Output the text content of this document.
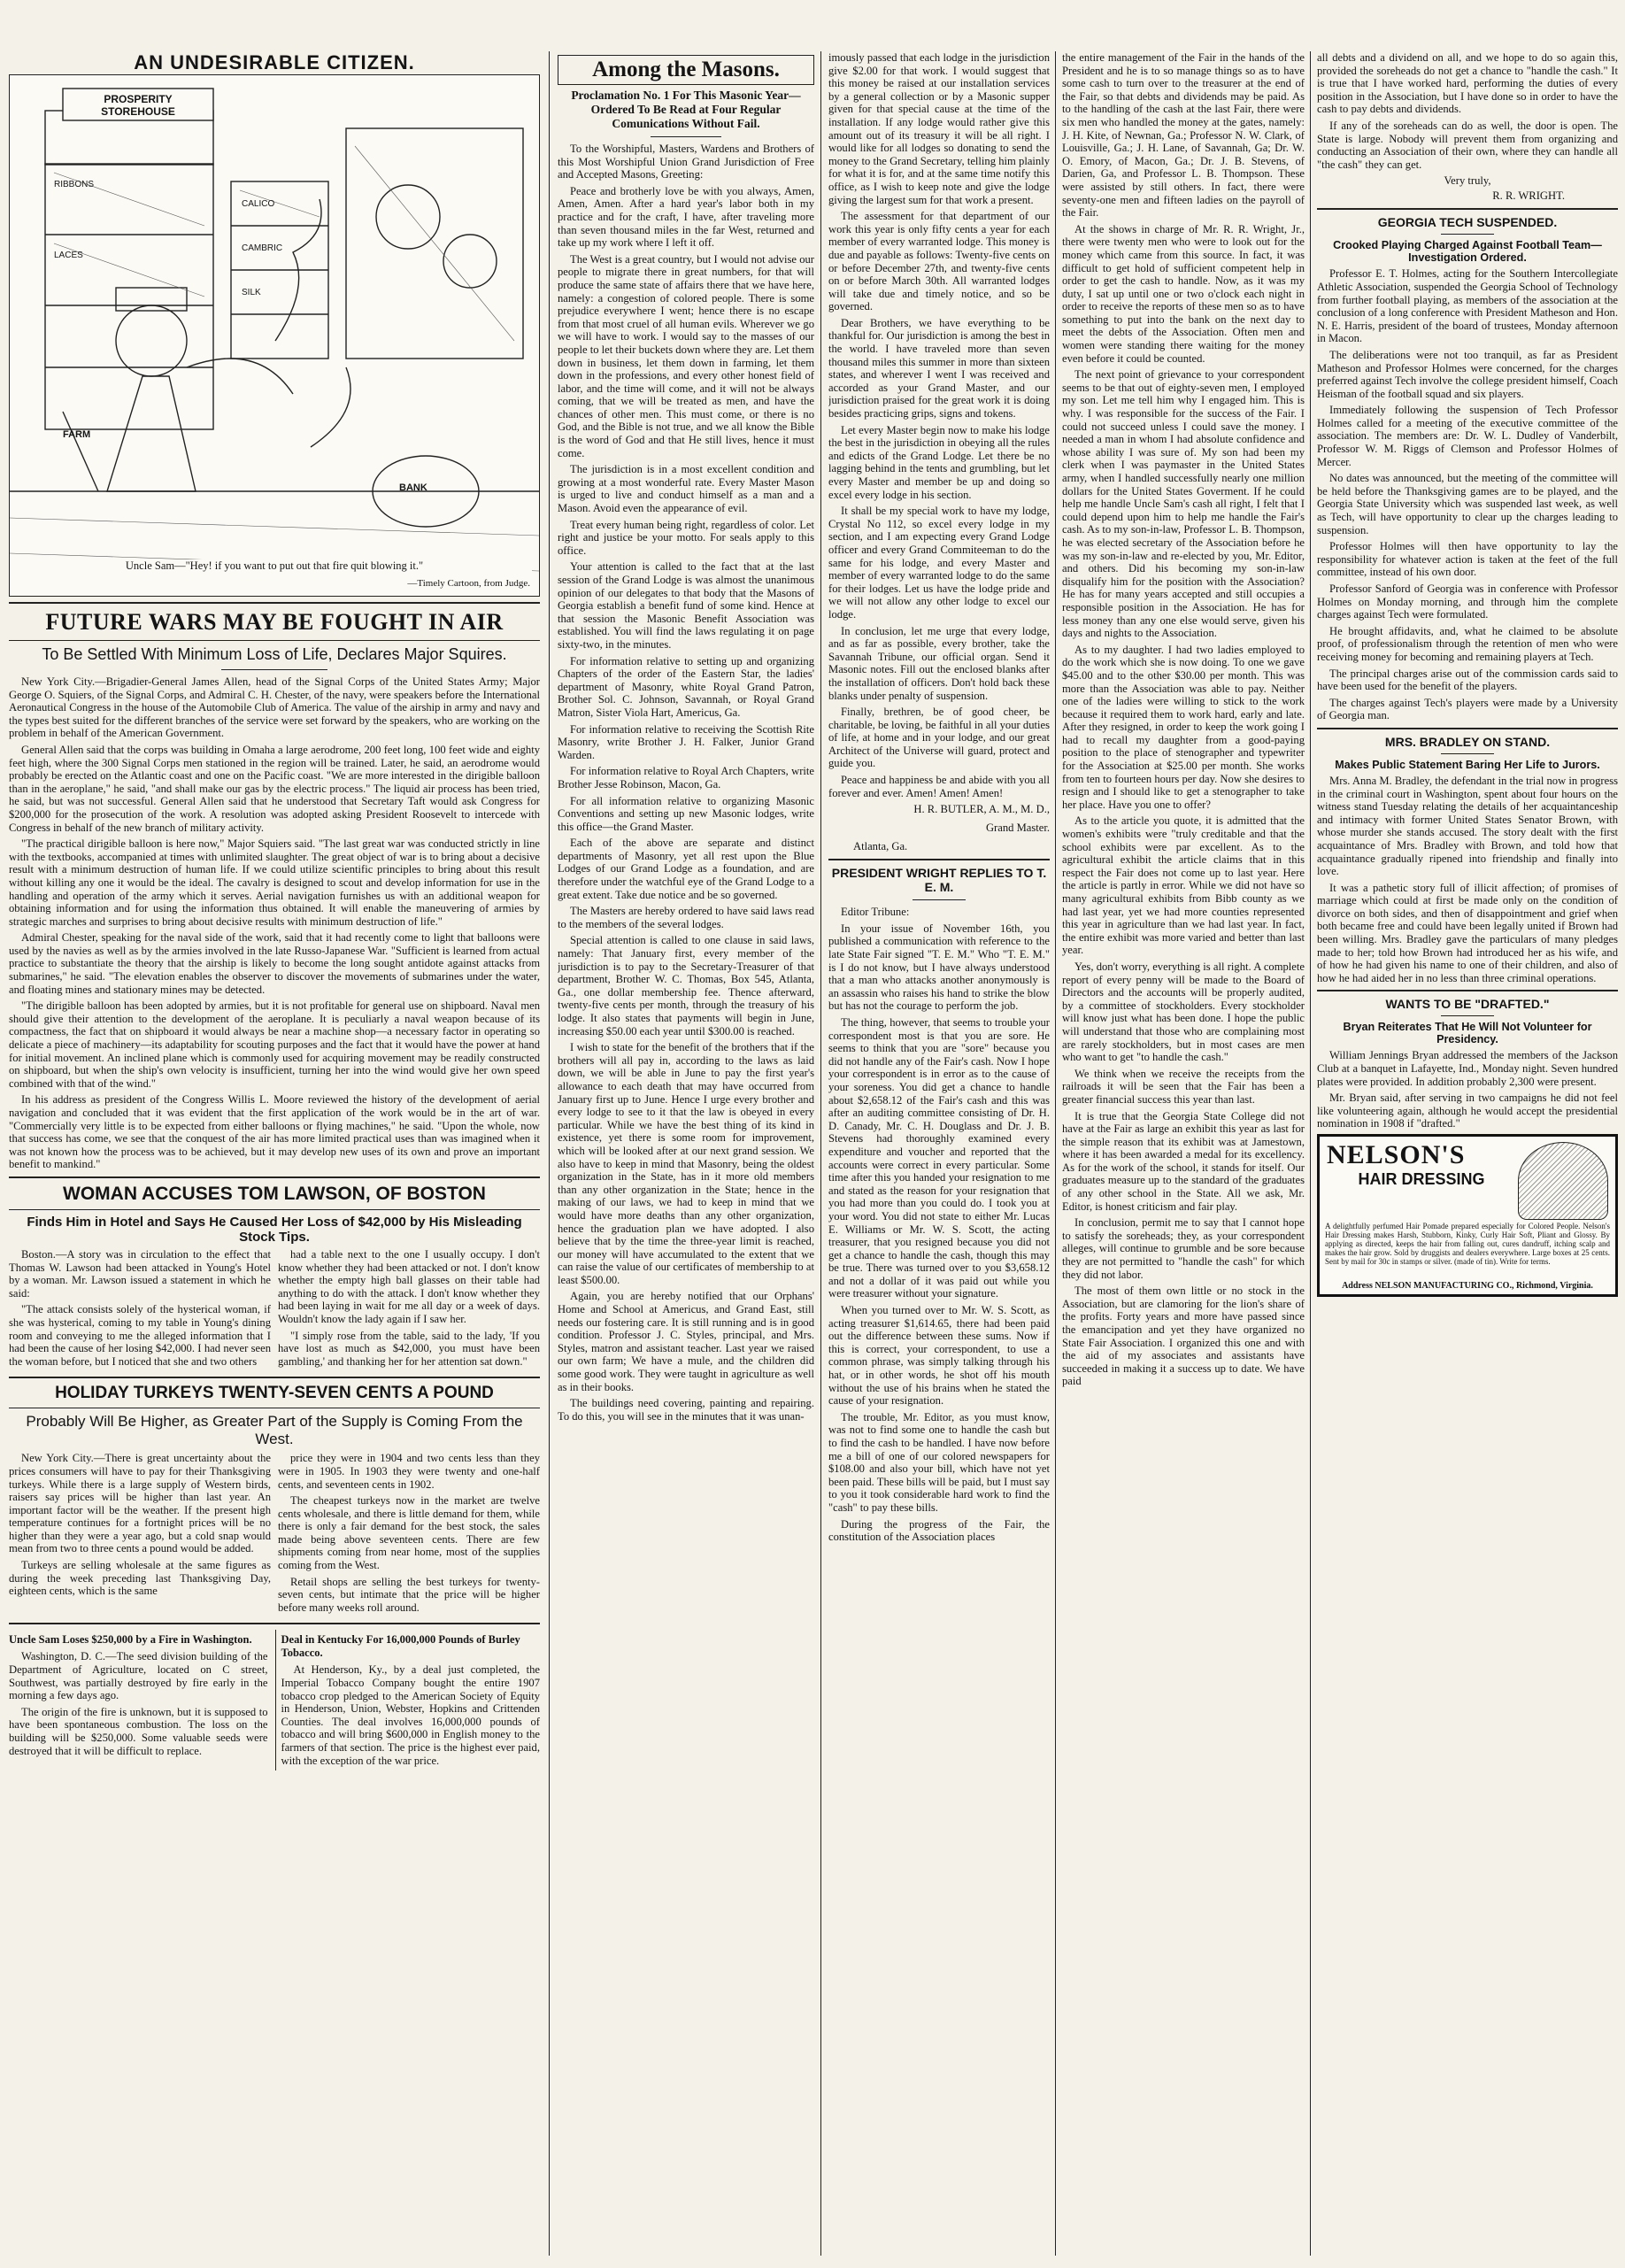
AN UNDESIRABLE CITIZEN.
PROSPERITY STOREHOUSE
RIBBONS
LACES
CALICO
CAMBRIC
SILK
FARM
BANK
Uncle Sam—"Hey! if you want to put out that fire quit blowing it."
—Timely Cartoon, from Judge.
FUTURE WARS MAY BE FOUGHT IN AIR
To Be Settled With Minimum Loss of Life, Declares Major Squires.

New York City.—Brigadier-General James Allen, head of the Signal Corps of the United States Army; Major George O. Squiers, of the Signal Corps, and Admiral C. H. Chester, of the navy, were speakers before the International Aeronautical Congress in the house of the Automobile Club of America. The value of the airship in army and navy and the types best suited for the different branches of the service were set forward by the speakers, who are working on the problem in behalf of the American Government.

General Allen said that the corps was building in Omaha a large aerodrome, 200 feet long, 100 feet wide and eighty feet high, where the 300 Signal Corps men stationed in the region will be trained. Later, he said, an aerodrome would probably be erected on the Atlantic coast and one on the Pacific coast. "We are more interested in the dirigible balloon than in the aeroplane," he said, "and shall make our gas by the electric process." The liquid air process has been tried, he said, but was not successful. General Allen said that he understood that Secretary Taft would ask Congress for $200,000 for the prosecution of the work. A resolution was adopted asking President Roosevelt to intercede with Congress in behalf of the new branch of military activity.

"The practical dirigible balloon is here now," Major Squiers said. "The last great war was conducted strictly in line with the textbooks, accompanied at times with unlimited slaughter. The great object of war is to bring about a decisive result with a minimum destruction of human life. If we could utilize scientific principles to bring about this result without killing any one it would be the ideal. The cavalry is designed to scout and develop information for use in the handling and operation of the army which it serves. Aerial navigation furnishes us with an additional weapon for obtaining information and for using the information thus obtained. It will enable the maneuvering of armies by strategic marches and surprises to bring about decisive results with minimum destruction of life."

Admiral Chester, speaking for the naval side of the work, said that it had recently come to light that balloons were used by the navies as well as by the armies involved in the late Russo-Japanese War. "Sufficient is learned from actual practice to substantiate the theory that the airship is likely to become the long sought antidote against attacks from submarines," he said. "The elevation enables the observer to discover the movements of submarines under the water, and floating mines and stationary mines may be detected.

"The dirigible balloon has been adopted by armies, but it is not profitable for general use on shipboard. Naval men should give their attention to the development of the aeroplane. It is peculiarly a naval weapon because of its compactness, the fact that on shipboard it would always be near a machine shop—a necessary factor in operating so delicate a piece of machinery—its adaptability for scouting purposes and the fact that it would have the power at hand for initial movement. An inclined plane which is commonly used for acquiring movement may be readily constructed on shipboard, but when the ship's own velocity is insufficient, turning her into the wind would give her own speed combined with that of the wind."

In his address as president of the Congress Willis L. Moore reviewed the history of the development of aerial navigation and concluded that it was evident that the first application of the work would be in the art of war. "Commercially very little is to be expected from either balloons or flying machines," he said. "Upon the whole, now that success has come, we see that the conquest of the air has more limited practical uses than was imagined when it was not known how the process was to be achieved, but it may develop new uses of its own and prove an important benefit to mankind."

WOMAN ACCUSES TOM LAWSON, OF BOSTON
Finds Him in Hotel and Says He Caused Her Loss of $42,000 by His Misleading Stock Tips.

Boston.—A story was in circulation to the effect that Thomas W. Lawson had been attacked in Young's Hotel by a woman. Mr. Lawson issued a statement in which he said:

"The attack consists solely of the hysterical woman, if she was hysterical, coming to my table in Young's dining room and conveying to me the alleged information that I had been the cause of her losing $42,000. I had never seen the woman before, but I noticed that she and two others

had a table next to the one I usually occupy. I don't know whether they had been attacked or not. I don't know whether the empty high ball glasses on their table had anything to do with the attack. I don't know whether they had been laying in wait for me all day or a week of days. Wouldn't know the lady again if I saw her.

"I simply rose from the table, said to the lady, 'If you have lost as much as $42,000, you must have been gambling,' and thanking her for her attention sat down."

HOLIDAY TURKEYS TWENTY-SEVEN CENTS A POUND
Probably Will Be Higher, as Greater Part of the Supply is Coming From the West.

New York City.—There is great uncertainty about the prices consumers will have to pay for their Thanksgiving turkeys. While there is a large supply of Western birds, raisers say prices will be higher than last year. An important factor will be the weather. If the present high temperature continues for a fortnight prices will be no higher than they were a year ago, but a cold snap would mean from two to three cents a pound would be added.

Turkeys are selling wholesale at the same figures as during the week preceding last Thanksgiving Day, eighteen cents, which is the same

price they were in 1904 and two cents less than they were in 1905. In 1903 they were twenty and one-half cents, and seventeen cents in 1902.

The cheapest turkeys now in the market are twelve cents wholesale, and there is little demand for them, while there is only a fair demand for the best stock, the sales made being above seventeen cents. There are few shipments coming from near home, most of the supplies coming from the West.

Retail shops are selling the best turkeys for twenty-seven cents, but intimate that the price will be higher before many weeks roll around.

Uncle Sam Loses $250,000 by a Fire in Washington.

Washington, D. C.—The seed division building of the Department of Agriculture, located on C street, Southwest, was partially destroyed by fire early in the morning a few days ago.

The origin of the fire is unknown, but it is supposed to have been spontaneous combustion. The loss on the building will be $250,000. Some valuable seeds were destroyed that it will be difficult to replace.

Deal in Kentucky For 16,000,000 Pounds of Burley Tobacco.

At Henderson, Ky., by a deal just completed, the Imperial Tobacco Company bought the entire 1907 tobacco crop pledged to the American Society of Equity in Henderson, Union, Webster, Hopkins and Crittenden Counties. The deal involves 16,000,000 pounds of tobacco and will bring $600,000 in English money to the farmers of that section. The price is the highest ever paid, with the exception of the war price.

Among the Masons.
Proclamation No. 1 For This Masonic Year—Ordered To Be Read at Four Regular Comunications Without Fail.

To the Worshipful, Masters, Wardens and Brothers of this Most Worshipful Union Grand Jurisdiction of Free and Accepted Masons, Greeting:

Peace and brotherly love be with you always, Amen, Amen, Amen. After a hard year's labor both in my practice and for the craft, I have, after traveling more than seven thousand miles in the far West, returned and take up my work where I left it off.

The West is a great country, but I would not advise our people to migrate there in great numbers, for that will produce the same state of affairs there that we have here, namely: a congestion of colored people. There is some prejudice everywhere I went; hence there is no escape from that most cruel of all human evils. Wherever we go we will have to work. I would say to the masses of our people to let their buckets down where they are. Let them down in business, let them down in farming, let them down in the professions, and every other honest field of labor, and the time will come, and it will not be always coming, that we will be treated as men, and have the chances of other men. This must come, or there is no God, and the Bible is not true, and we all know the Bible is the word of God and that He still lives, hence it must come.

The jurisdiction is in a most excellent condition and growing at a most wonderful rate. Every Master Mason is urged to live and conduct himself as a man and a Mason. Avoid even the appearance of evil.

Treat every human being right, regardless of color. Let right and justice be your motto. For seals apply to this office.

Your attention is called to the fact that at the last session of the Grand Lodge is was almost the unanimous opinion of our delegates to that body that the Masons of Georgia establish a benefit fund of some kind. Hence at that session the Masonic Benefit Association was established. You will find the laws regulating it on page sixty-two, in the minutes.

For information relative to setting up and organizing Chapters of the order of the Eastern Star, the ladies' department of Masonry, white Royal Grand Patron, Brother Sol. C. Johnson, Savannah, or Royal Grand Matron, Sister Viola Hart, Americus, Ga.

For information relative to receiving the Scottish Rite Masonry, write Brother J. H. Falker, Junior Grand Warden.

For information relative to Royal Arch Chapters, write Brother Jesse Robinson, Macon, Ga.

For all information relative to organizing Masonic Conventions and setting up new Masonic lodges, write this office—the Grand Master.

Each of the above are separate and distinct departments of Masonry, yet all rest upon the Blue Lodges of our Grand Lodge as a foundation, and are therefore under the watchful eye of the Grand Lodge to a great extent. Take due notice and be so governed.

The Masters are hereby ordered to have said laws read to the members of the several lodges.

Special attention is called to one clause in said laws, namely: That January first, every member of the jurisdiction is to pay to the Secretary-Treasurer of that department, Brother W. C. Thomas, Box 545, Atlanta, Ga., one dollar membership fee. Thence afterward, twenty-five cents per month, through the treasury of his lodge. It also states that payments will begin in June, increasing $50.00 each year until $300.00 is reached.

I wish to state for the benefit of the brothers that if the brothers will all pay in, according to the laws as laid down, we will be able in June to pay the first year's allowance to each death that may have occurred from January first up to June. Hence I urge every brother and every lodge to see to it that the law is obeyed in every particular. While we have the best thing of its kind in existence, yet there is some room for improvement, which will be looked after at our next grand session. We also have to keep in mind that Masonry, being the oldest organization in the State, has in it more old members than any other organization in the State; hence in the making of our laws, we had to keep in mind that we would have more deaths than any other organization, hence the graduation plan we have adopted. I also believe that by the time the three-year limit is reached, our money will have accumulated to the extent that we can raise the value of our certificates of membership to at least $500.00.

Again, you are hereby notified that our Orphans' Home and School at Americus, and Grand East, still needs our fostering care. It is still running and is in good condition. Professor J. C. Styles, principal, and Mrs. Styles, matron and assistant teacher. Last year we raised our own farm; We have a mule, and the children did some good work. They were taught in agriculture as well as in their books.

The buildings need covering, painting and repairing. To do this, you will see in the minutes that it was unan-

imously passed that each lodge in the jurisdiction give $2.00 for that work. I would suggest that this money be raised at our installation services by a general collection or by a Masonic supper given for that special cause at the time of the installation. If any lodge would rather give this amount out of its treasury it will be all right. I would like for all lodges so donating to send the money to the Grand Secretary, telling him plainly for what it is for, and at the same time notify this office, as I wish to keep note and give the lodge giving the largest sum for that work a present.

The assessment for that department of our work this year is only fifty cents a year for each member of every warranted lodge. This money is due and payable as follows: Twenty-five cents on or before December 27th, and twenty-five cents on or before March 30th. All warranted lodges will take due and timely notice, and so be governed.

Dear Brothers, we have everything to be thankful for. Our jurisdiction is among the best in the world. I have traveled more than seven thousand miles this summer in more than sixteen states, and wherever I went I was received and accorded as your Grand Master, and our jurisdiction praised for the great work it is doing besides practicing grips, signs and tokens.

Let every Master begin now to make his lodge the best in the jurisdiction in obeying all the rules and edicts of the Grand Lodge. Let there be no lagging behind in the tents and grumbling, but let every Master and member be up and doing so excel every lodge in his section.

It shall be my special work to have my lodge, Crystal No 112, so excel every lodge in my section, and I am expecting every Grand Lodge officer and every Grand Commiteeman to do the same for his lodge, and every Master and member of every warranted lodge to do the same for their lodges. Let us have the lodge pride and we will not allow any other lodge to excel our lodge.

In conclusion, let me urge that every lodge, and as far as possible, every brother, take the Savannah Tribune, our official organ. Send it Masonic notes. Fill out the enclosed blanks after the installation of officers. Don't hold back these blanks under penalty of suspension.

Finally, brethren, be of good cheer, be charitable, be loving, be faithful in all your duties of life, at home and in your lodge, and our great Architect of the Universe will guard, protect and guide you.

Peace and happiness be and abide with you all forever and ever. Amen! Amen! Amen!

H. R. BUTLER, A. M., M. D.,
Grand Master.
Atlanta, Ga.
PRESIDENT WRIGHT REPLIES TO T. E. M.

Editor Tribune:

In your issue of November 16th, you published a communication with reference to the late State Fair signed "T. E. M." Who "T. E. M." is I do not know, but I have always understood that a man who attacks another anonymously is an assassin who raises his hand to strike the blow but has not the courage to perform the job.

The thing, however, that seems to trouble your correspondent most is that you are sore. He seems to think that you are "sore" because you did not handle any of the Fair's cash. Now I hope your correspondent is in error as to the cause of your soreness. You did get a chance to handle about $2,658.12 of the Fair's cash and this was after an auditing committee consisting of Dr. H. D. Canady, Mr. C. H. Douglass and Dr. J. B. Stevens had thoroughly examined every expenditure and voucher and reported that the accounts were correct in every particular. Some time after this you handed your resignation to me and stated as the reason for your resignation that you had more than you could do. I took you at your word. You did not state to either Mr. Lucas E. Williams or Mr. W. S. Scott, the acting treasurer, that you resigned because you did not get a chance to handle the cash, though this may be true. There was turned over to you $3,658.12 and not a dollar of it was paid out while you were treasurer without your signature.

When you turned over to Mr. W. S. Scott, as acting treasurer $1,614.65, there had been paid out the difference between these sums. Now if this is correct, your correspondent, to use a common phrase, was simply talking through his hat, or in other words, he shot off his mouth without the use of his brains when he stated the cause of your resignation.

The trouble, Mr. Editor, as you must know, was not to find some one to handle the cash but to find the cash to be handled. I have now before me a bill of one of our colored newspapers for $108.00 and also your bill, which have not yet been paid. These bills will be paid, but I must say to you it took considerable hard work to find the "cash" to pay these bills.

During the progress of the Fair, the constitution of the Association places

the entire management of the Fair in the hands of the President and he is to so manage things so as to have some cash to turn over to the treasurer at the end of the Fair, so that debts and dividends may be paid. As to the handling of the cash at the last Fair, there were six men who handled the money at the gates, namely: J. H. Kite, of Newnan, Ga.; Professor N. W. Clark, of Louisville, Ga.; J. H. Lane, of Savannah, Ga; Dr. W. O. Emory, of Macon, Ga.; Dr. J. B. Stevens, of Darien, Ga, and Professor L. B. Thompson. These were assisted by still others. In fact, there were seventy-one men and fifteen ladies on the payroll of the Fair.

At the shows in charge of Mr. R. R. Wright, Jr., there were twenty men who were to look out for the money which came from this source. In fact, it was difficult to get hold of sufficient competent help in order to get the cash to handle. Now, as it was my duty, I sat up until one or two o'clock each night in order to receive the reports of these men so as to have something to put into the bank on the next day to meet the debts of the Association. Often men and women were standing there waiting for the money even before it could be counted.

The next point of grievance to your correspondent seems to be that out of eighty-seven men, I employed my son. Let me tell him why I engaged him. This is why. I was responsible for the success of the Fair. I could not succeed unless I could save the money. I needed a man in whom I had absolute confidence and whose ability I was sure of. My son had been my clerk when I was paymaster in the United States army, when I handled successfully nearly one million dollars for the United States Goverment. If he could help me handle Uncle Sam's cash all right, I felt that I could depend upon him to help me handle the Fair's cash. As to my son-in-law, Professor L. B. Thompson, he was elected secretary of the Association before he was my son-in-law and re-elected by you, Mr. Editor, and others. Did his becoming my son-in-law disqualify him for the position with the Association? He has for many years accepted and still occupies a responsible position in the Association. He has for less money than any one else would serve, given his days and nights to the Association.

As to my daughter. I had two ladies employed to do the work which she is now doing. To one we gave $45.00 and to the other $30.00 per month. This was more than the Association was able to pay. Neither one of the ladies were willing to stick to the work because it required them to work hard, early and late. After they resigned, in order to keep the work going I had to recall my daughter from a good-paying position to the place of stenographer and typewriter for the Association at $25.00 per month. She works from ten to fourteen hours per day. Now she desires to resign and I should like to get a stenographer to take her place. Have you one to offer?

As to the article you quote, it is admitted that the women's exhibits were "truly creditable and that the school exhibits were par excellent. As to the agricultural exhibit the article claims that in this respect the Fair does not come up to last year. Here the article is partly in error. While we did not have so many agricultural exhibits from Bibb county as we had last year, yet we had more counties represented this year in agriculture than we had last year. In fact, the entire exhibit was more varied and better than last year.

Yes, don't worry, everything is all right. A complete report of every penny will be made to the Board of Directors and the accounts will be properly audited, by a committee of stockholders. Every stockholder will know just what has been done. I hope the public will understand that those who are complaining most are rarely stockholders, but in most cases are men who want to get "to handle the cash."

We think when we receive the receipts from the railroads it will be seen that the Fair has been a greater financial success this year than last.

It is true that the Georgia State College did not have at the Fair as large an exhibit this year as last for the simple reason that its exhibit was at Jamestown, where it has been awarded a medal for its excellency. As for the work of the school, it stands for itself. Our graduates measure up to the standard of the graduates of any other school in the State. All we ask, Mr. Editor, is honest criticism and fair play.

In conclusion, permit me to say that I cannot hope to satisfy the soreheads; they, as your correspondent alleges, will continue to grumble and be sore because they are not permitted to "handle the cash" for which they did not labor.

The most of them own little or no stock in the Association, but are clamoring for the lion's share of the profits. Forty years and more have passed since the emancipation and yet they have organized no State Fair Association. I organized this one and with the aid of my associates and assistants have succeeded in making it a success up to date. We have paid

all debts and a dividend on all, and we hope to do so again this, provided the soreheads do not get a chance to "handle the cash." It is true that I have worked hard, performing the duties of every position in the Association, but I have done so in order to have the cash to pay debts and dividends.

If any of the soreheads can do as well, the door is open. The State is large. Nobody will prevent them from organizing and conducting an Association of their own, where they can handle all "the cash" they can get.

Very truly,
R. R. WRIGHT.
GEORGIA TECH SUSPENDED.
Crooked Playing Charged Against Football Team—Investigation Ordered.

Professor E. T. Holmes, acting for the Southern Intercollegiate Athletic Association, suspended the Georgia School of Technology from further football playing, as members of the association at the conclusion of a long conference with President Matheson and Hon. N. E. Harris, president of the board of trustees, Monday afternoon in Macon.

The deliberations were not too tranquil, as far as President Matheson and Professor Holmes were concerned, for the charges preferred against Tech involve the college president himself, Coach Heisman of the football squad and six players.

Immediately following the suspension of Tech Professor Holmes called for a meeting of the executive committee of the association. The members are: Dr. W. L. Dudley of Vanderbilt, Professor W. M. Riggs of Clemson and Professor Holmes of Mercer.

No dates was announced, but the meeting of the committee will be held before the Thanksgiving games are to be played, and the Georgia State University which was suspended last week, as well as Tech, will have opportunity to clear up the charges leading to suspension.

Professor Holmes will then have opportunity to lay the responsibility for whatever action is taken at the feet of the full committee, instead of his own door.

Professor Sanford of Georgia was in conference with Professor Holmes on Monday morning, and through him the complete charges against Tech were formulated.

He brought affidavits, and, what he claimed to be absolute proof, of professionalism through the retention of men who were receiving money for becoming and remaining players at Tech.

The principal charges arise out of the commission cards said to have been used for the benefit of the players.

The charges against Tech's players were made by a University of Georgia man.

MRS. BRADLEY ON STAND.
Makes Public Statement Baring Her Life to Jurors.

Mrs. Anna M. Bradley, the defendant in the trial now in progress in the criminal court in Washington, spent about four hours on the witness stand Tuesday relating the details of her acquaintanceship and intimacy with former United States Senator Brown, with whose murder she stands accused. The story dealt with the first acquaintance of Mrs. Bradley with Brown, and told how that acquaintance gradually ripened into friendship and finally into love.

It was a pathetic story full of illicit affection; of promises of marriage which could at first be made only on the condition of divorce on both sides, and then of disappointment and grief when both became free and could have been legally united if Brown had been willing. Mrs. Bradley gave the particulars of many pledges made to her; told how Brown had introduced her as his wife, and of how he had given his name to one of their children, and also of how he had aided her in no less than three criminal operations.

WANTS TO BE "DRAFTED."
Bryan Reiterates That He Will Not Volunteer for Presidency.

William Jennings Bryan addressed the members of the Jackson Club at a banquet in Lafayette, Ind., Monday night. Seven hundred plates were provided. In addition probably 2,300 were present.

Mr. Bryan said, after serving in two campaigns he did not feel like volunteering again, although he would accept the presidential nomination in 1908 if "drafted."

NELSON'S
HAIR DRESSING
A delightfully perfumed Hair Pomade prepared especially for Colored People. Nelson's Hair Dressing makes Harsh, Stubborn, Kinky, Curly Hair Soft, Pliant and Glossy. By applying as directed, keeps the hair from falling out, cures dandruff, itching scalp and makes the hair grow. Sold by druggists and dealers everywhere. Large boxes at 25 cents. Sent by mail for 30c in stamps or silver. (made of tin). Write for terms.
Address NELSON MANUFACTURING CO., Richmond, Virginia.
